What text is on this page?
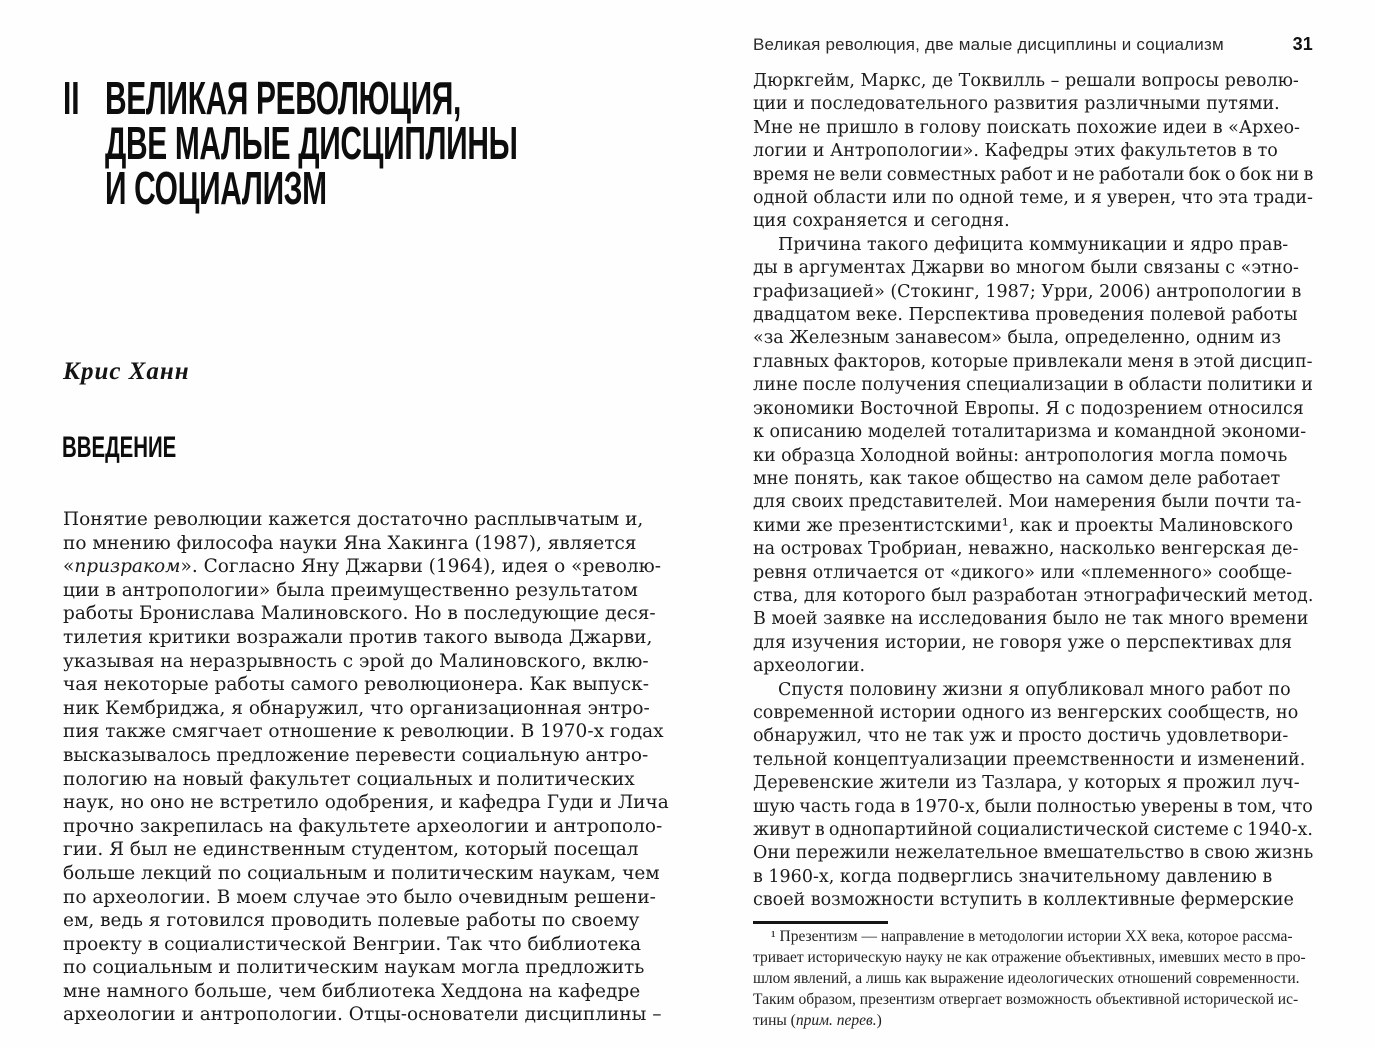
II ВЕЛИКАЯ РЕВОЛЮЦИЯ,
ДВЕ МАЛЫЕ ДИСЦИПЛИНЫ
И СОЦИАЛИЗМ
Крис Ханн
ВВЕДЕНИЕ
Понятие революции кажется достаточно расплывчатым и,
по мнению философа науки Яна Хакинга (1987), является
«призраком». Согласно Яну Джарви (1964), идея о «револю-
ции в антропологии» была преимущественно результатом
работы Бронислава Малиновского. Но в последующие деся-
тилетия критики возражали против такого вывода Джарви,
указывая на неразрывность с эрой до Малиновского, вклю-
чая некоторые работы самого революционера. Как выпуск-
ник Кембриджа, я обнаружил, что организационная энтро-
пия также смягчает отношение к революции. В 1970-х годах
высказывалось предложение перевести социальную антро-
пологию на новый факультет социальных и политических
наук, но оно не встретило одобрения, и кафедра Гуди и Лича
прочно закрепилась на факультете археологии и антрополо-
гии. Я был не единственным студентом, который посещал
больше лекций по социальным и политическим наукам, чем
по археологии. В моем случае это было очевидным решени-
ем, ведь я готовился проводить полевые работы по своему
проекту в социалистической Венгрии. Так что библиотека
по социальным и политическим наукам могла предложить
мне намного больше, чем библиотека Хеддона на кафедре
археологии и антропологии. Отцы-основатели дисциплины –
Великая революция, две малые дисциплины и социализм	31
Дюркгейм, Маркс, де Токвилль – решали вопросы револю-
ции и последовательного развития различными путями.
Мне не пришло в голову поискать похожие идеи в «Архео-
логии и Антропологии». Кафедры этих факультетов в то
время не вели совместных работ и не работали бок о бок ни в
одной области или по одной теме, и я уверен, что эта тради-
ция сохраняется и сегодня.
Причина такого дефицита коммуникации и ядро прав-
ды в аргументах Джарви во многом были связаны с «этно-
графизацией» (Стокинг, 1987; Урри, 2006) антропологии в
двадцатом веке. Перспектива проведения полевой работы
«за Железным занавесом» была, определенно, одним из
главных факторов, которые привлекали меня в этой дисцип-
лине после получения специализации в области политики и
экономики Восточной Европы. Я с подозрением относился
к описанию моделей тоталитаризма и командной экономи-
ки образца Холодной войны: антропология могла помочь
мне понять, как такое общество на самом деле работает
для своих представителей. Мои намерения были почти та-
кими же презентистскими¹, как и проекты Малиновского
на островах Тробриан, неважно, насколько венгерская де-
ревня отличается от «дикого» или «племенного» сообще-
ства, для которого был разработан этнографический метод.
В моей заявке на исследования было не так много времени
для изучения истории, не говоря уже о перспективах для
археологии.
Спустя половину жизни я опубликовал много работ по
современной истории одного из венгерских сообществ, но
обнаружил, что не так уж и просто достичь удовлетвори-
тельной концептуализации преемственности и изменений.
Деревенские жители из Тазлара, у которых я прожил луч-
шую часть года в 1970-х, были полностью уверены в том, что
живут в однопартийной социалистической системе с 1940-х.
Они пережили нежелательное вмешательство в свою жизнь
в 1960-х, когда подверглись значительному давлению в
своей возможности вступить в коллективные фермерские
¹ Презентизм — направление в методологии истории XX века, которое рассма-
тривает историческую науку не как отражение объективных, имевших место в про-
шлом явлений, а лишь как выражение идеологических отношений современности.
Таким образом, презентизм отвергает возможность объективной исторической ис-
тины (прим. перев.)
